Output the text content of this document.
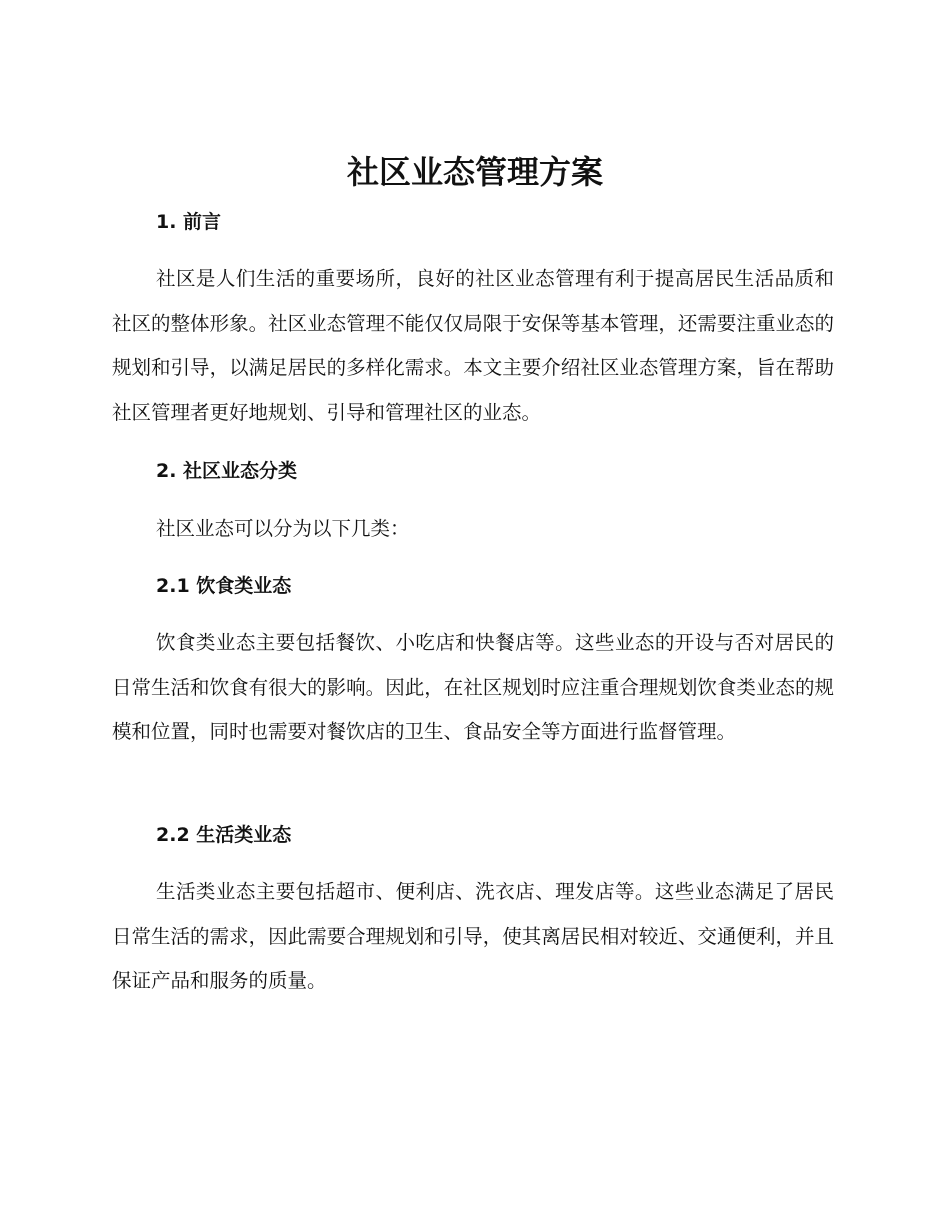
社区业态管理方案
1. 前言

社区是人们生活的重要场所，良好的社区业态管理有利于提高居民生活品质和社区的整体形象。社区业态管理不能仅仅局限于安保等基本管理，还需要注重业态的规划和引导，以满足居民的多样化需求。本文主要介绍社区业态管理方案，旨在帮助社区管理者更好地规划、引导和管理社区的业态。

2. 社区业态分类

社区业态可以分为以下几类：

2.1 饮食类业态

饮食类业态主要包括餐饮、小吃店和快餐店等。这些业态的开设与否对居民的日常生活和饮食有很大的影响。因此，在社区规划时应注重合理规划饮食类业态的规模和位置，同时也需要对餐饮店的卫生、食品安全等方面进行监督管理。

2.2 生活类业态

生活类业态主要包括超市、便利店、洗衣店、理发店等。这些业态满足了居民日常生活的需求，因此需要合理规划和引导，使其离居民相对较近、交通便利，并且保证产品和服务的质量。
